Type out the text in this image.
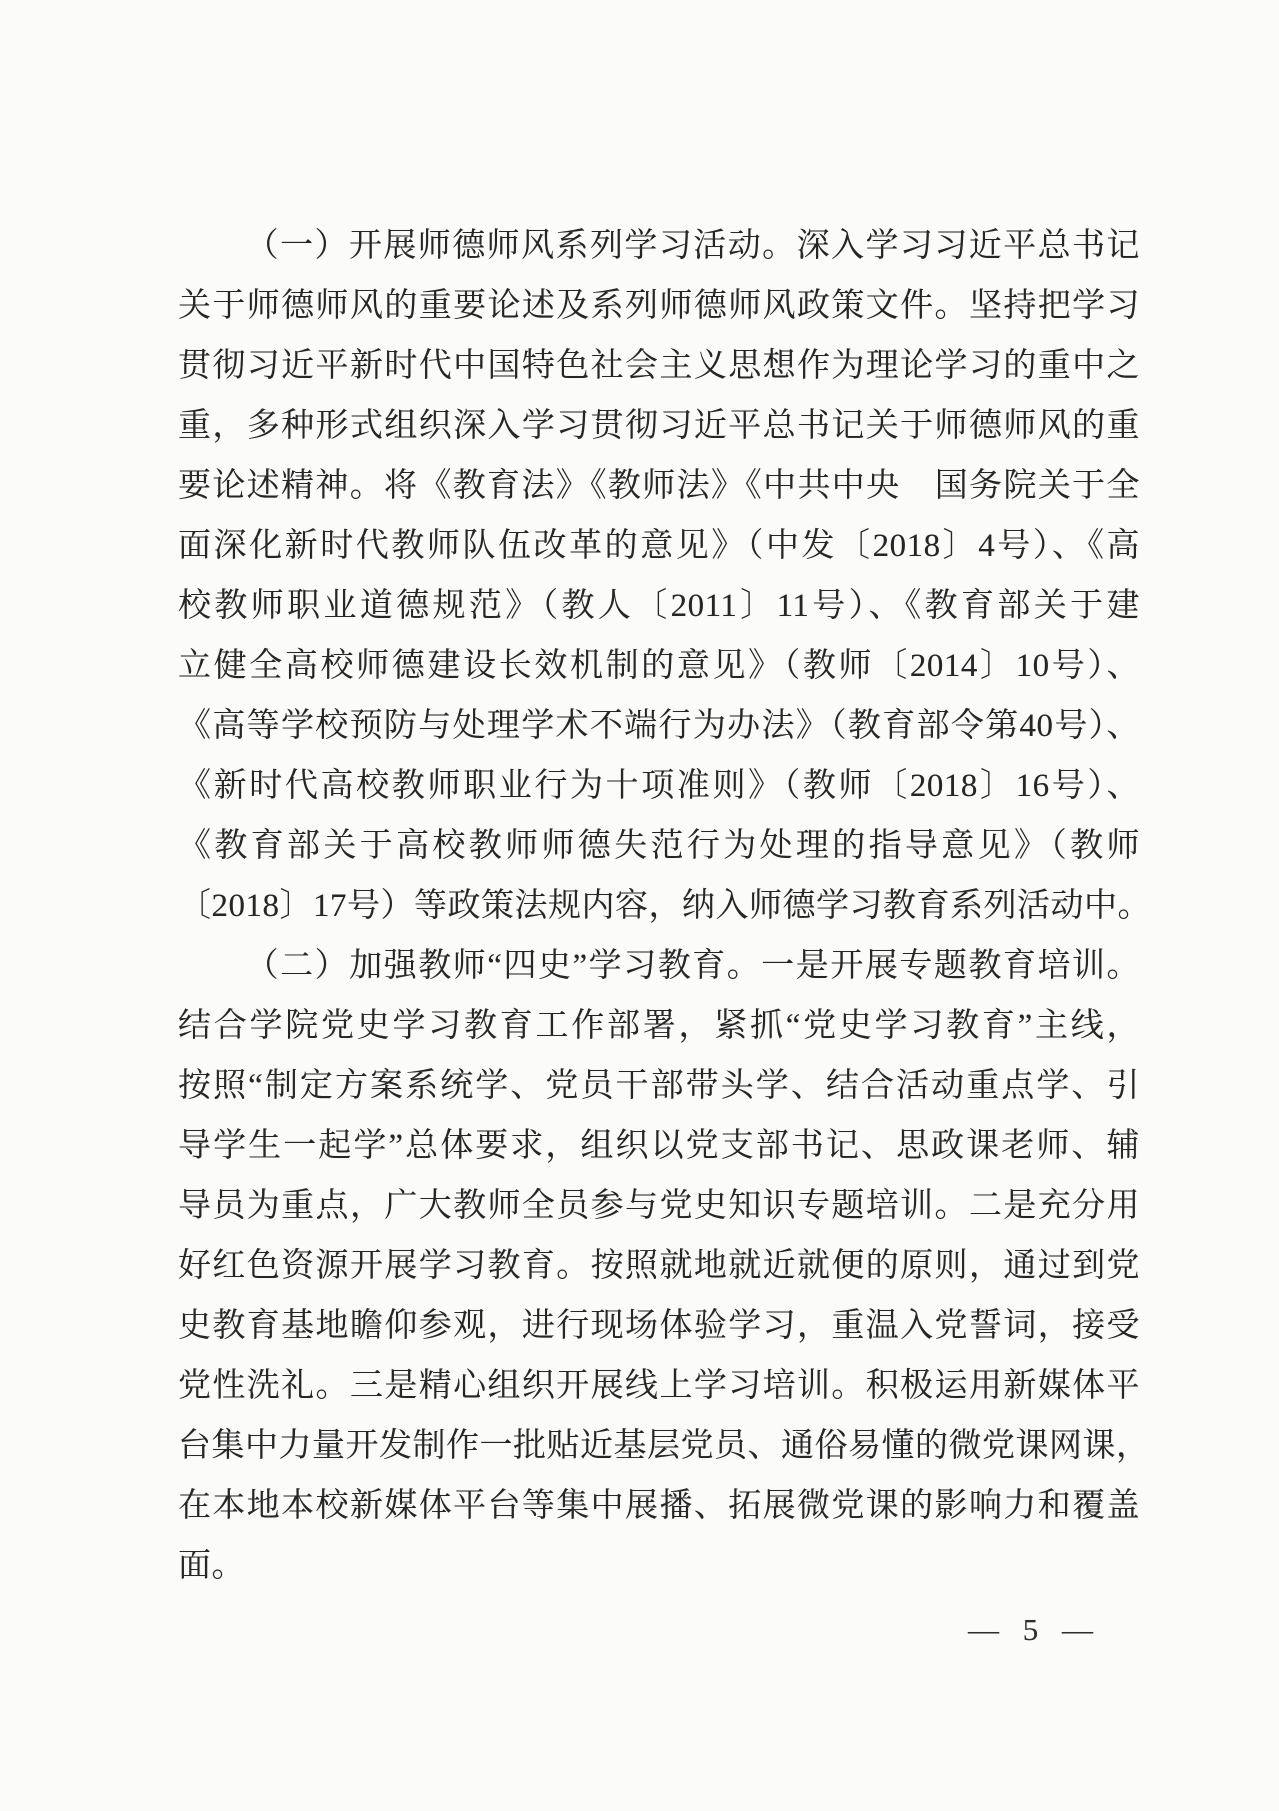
（一）开展师德师风系列学习活动。深入学习习近平总书记
关于师德师风的重要论述及系列师德师风政策文件。坚持把学习
贯彻习近平新时代中国特色社会主义思想作为理论学习的重中之
重，多种形式组织深入学习贯彻习近平总书记关于师德师风的重
要论述精神。将《教育法》《教师法》《中共中央　国务院关于全
面深化新时代教师队伍改革的意见》（中发〔2018〕4号）、《高
校教师职业道德规范》（教人〔2011〕11号）、《教育部关于建
立健全高校师德建设长效机制的意见》（教师〔2014〕10号）、
《高等学校预防与处理学术不端行为办法》（教育部令第40号）、
《新时代高校教师职业行为十项准则》（教师〔2018〕16号）、
《教育部关于高校教师师德失范行为处理的指导意见》（教师
〔2018〕17号）等政策法规内容，纳入师德学习教育系列活动中。
（二）加强教师“四史”学习教育。一是开展专题教育培训。
结合学院党史学习教育工作部署，紧抓“党史学习教育”主线，
按照“制定方案系统学、党员干部带头学、结合活动重点学、引
导学生一起学”总体要求，组织以党支部书记、思政课老师、辅
导员为重点，广大教师全员参与党史知识专题培训。二是充分用
好红色资源开展学习教育。按照就地就近就便的原则，通过到党
史教育基地瞻仰参观，进行现场体验学习，重温入党誓词，接受
党性洗礼。三是精心组织开展线上学习培训。积极运用新媒体平
台集中力量开发制作一批贴近基层党员、通俗易懂的微党课网课，
在本地本校新媒体平台等集中展播、拓展微党课的影响力和覆盖
面。
— 5 —
